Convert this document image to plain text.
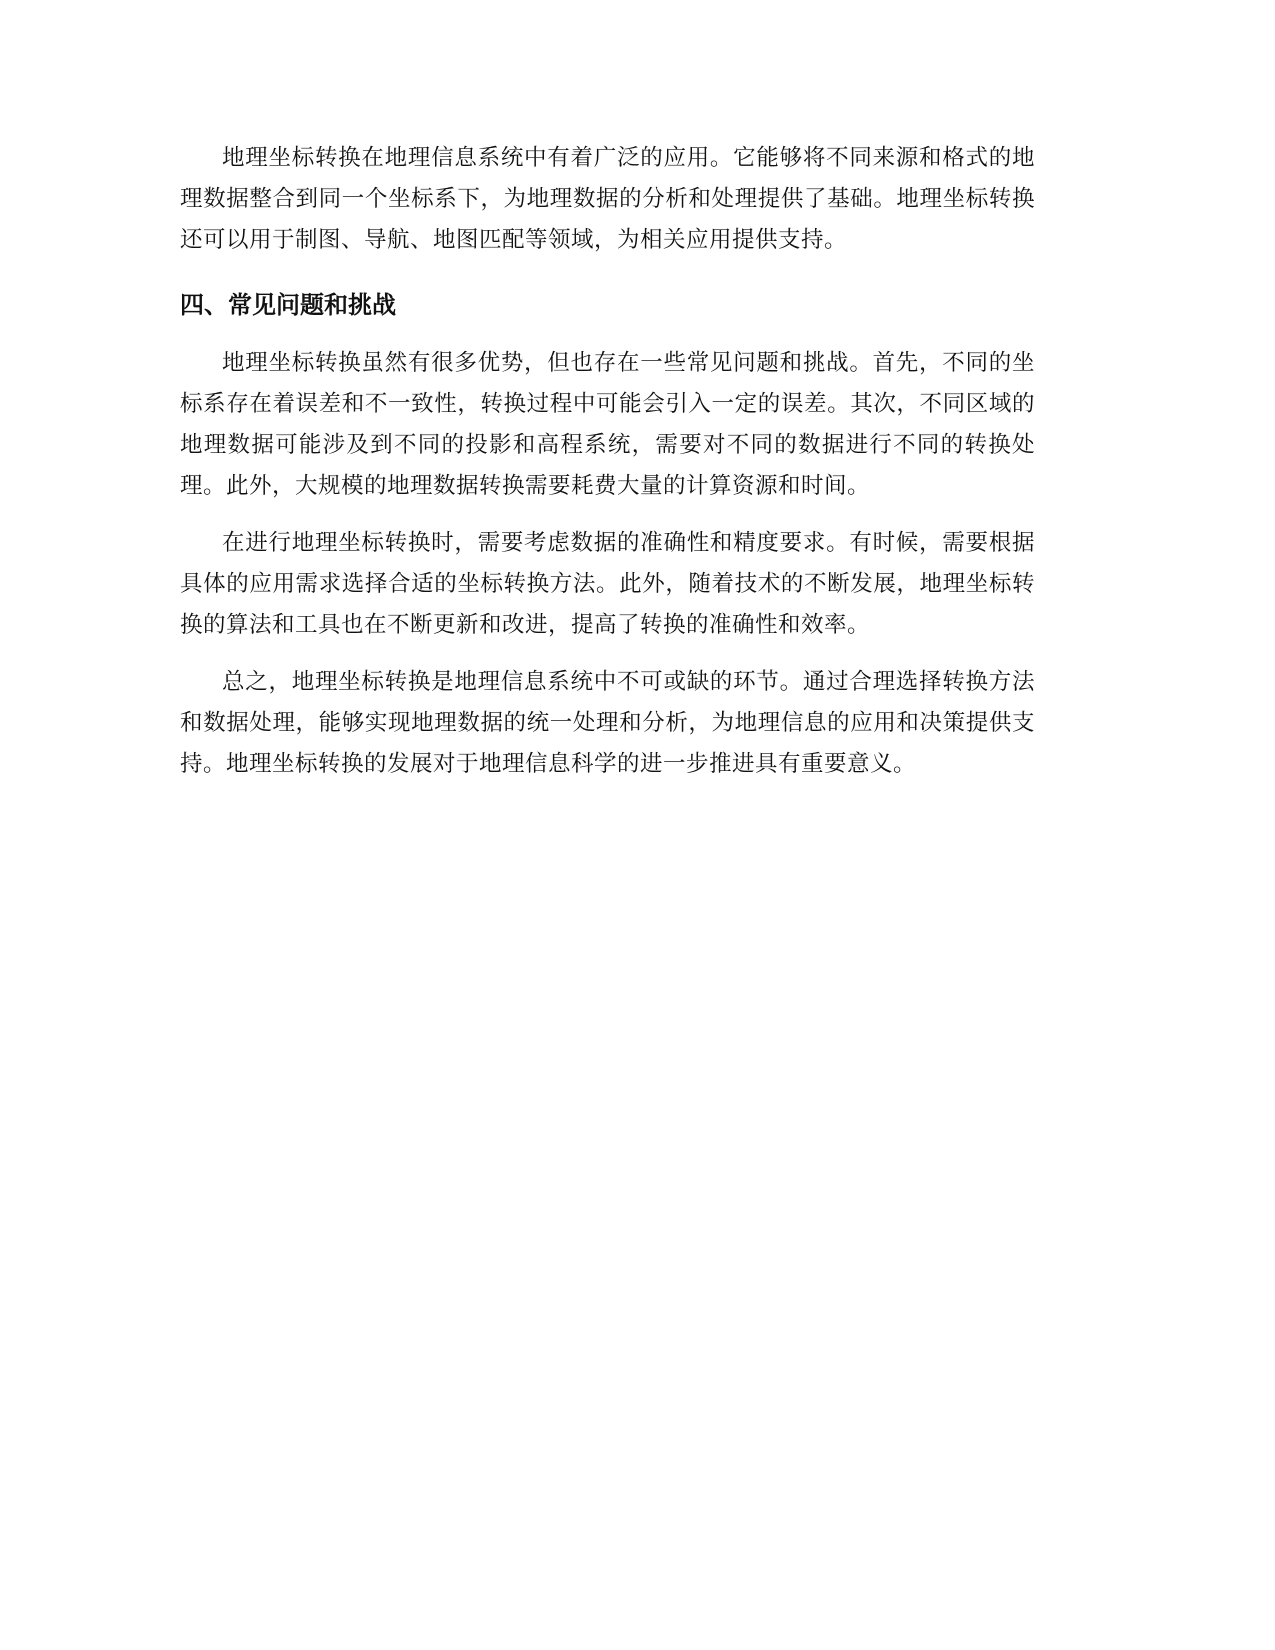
地理坐标转换在地理信息系统中有着广泛的应用。它能够将不同来源和格式的地理数据整合到同一个坐标系下，为地理数据的分析和处理提供了基础。地理坐标转换还可以用于制图、导航、地图匹配等领域，为相关应用提供支持。

四、常见问题和挑战

地理坐标转换虽然有很多优势，但也存在一些常见问题和挑战。首先，不同的坐标系存在着误差和不一致性，转换过程中可能会引入一定的误差。其次，不同区域的地理数据可能涉及到不同的投影和高程系统，需要对不同的数据进行不同的转换处理。此外，大规模的地理数据转换需要耗费大量的计算资源和时间。

在进行地理坐标转换时，需要考虑数据的准确性和精度要求。有时候，需要根据具体的应用需求选择合适的坐标转换方法。此外，随着技术的不断发展，地理坐标转换的算法和工具也在不断更新和改进，提高了转换的准确性和效率。

总之，地理坐标转换是地理信息系统中不可或缺的环节。通过合理选择转换方法和数据处理，能够实现地理数据的统一处理和分析，为地理信息的应用和决策提供支持。地理坐标转换的发展对于地理信息科学的进一步推进具有重要意义。
